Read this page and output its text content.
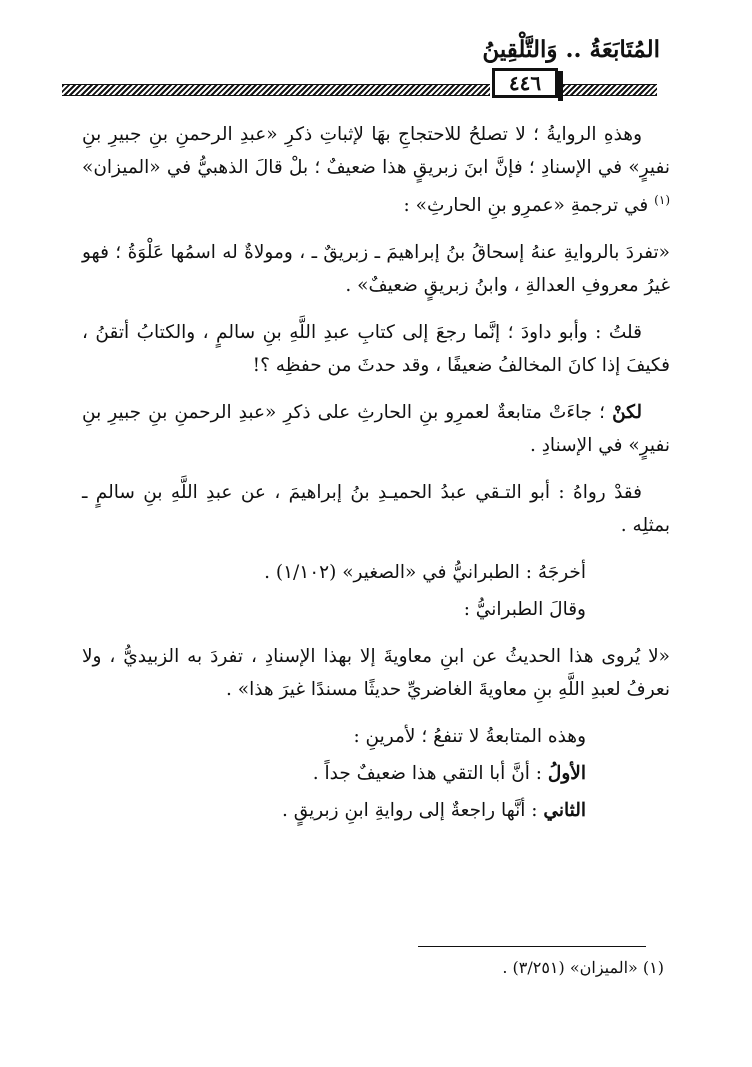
المُتَابَعَةُ .. وَالتَّلْقِينُ
٤٤٦

وهذهِ الروايةُ ؛ لا تصلحُ للاحتجاجِ بهَا لإثباتِ ذكرِ «عبدِ الرحمنِ بنِ جبيرِ بنِ نفيرٍ» في الإسنادِ ؛ فإنَّ ابنَ زبريقٍ هذا ضعيفٌ ؛ بلْ قالَ الذهبيُّ في «الميزان» $^{(١)}$ في ترجمةِ «عمرِو بنِ الحارثِ» :

«تفردَ بالروايةِ عنهُ إسحاقُ بنُ إبراهيمَ ـ زبريقٌ ـ ، ومولاةٌ له اسمُها عَلْوَةُ ؛ فهو غيرُ معروفِ العدالةِ ، وابنُ زبريقٍ ضعيفٌ» .

قلتُ : وأبو داودَ ؛ إنَّما رجعَ إلى كتابِ عبدِ اللَّهِ بنِ سالمٍ ، والكتابُ أتقنُ ، فكيفَ إذا كانَ المخالفُ ضعيفًا ، وقد حدثَ من حفظِه ؟!

لكنْ ؛ جاءَتْ متابعةٌ لعمرِو بنِ الحارثِ على ذكرِ «عبدِ الرحمنِ بنِ جبيرِ بنِ نفيرٍ» في الإسنادِ .

فقدْ رواهُ : أبو التـقي عبدُ الحميـدِ بنُ إبراهيمَ ، عن عبدِ اللَّهِ بنِ سالمٍ ـ بمثلِه .

أخرجَهُ : الطبرانيُّ في «الصغير» (١/١٠٢) .

وقالَ الطبرانيُّ :

«لا يُروى هذا الحديثُ عن ابنِ معاويةَ إلا بهذا الإسنادِ ، تفردَ به الزبيديُّ ، ولا نعرفُ لعبدِ اللَّهِ بنِ معاويةَ الغاضريِّ حديثًا مسندًا غيرَ هذا» .

وهذه المتابعةُ لا تنفعُ ؛ لأمرينِ :

الأولُ : أنَّ أبا التقي هذا ضعيفٌ جداً .

الثاني : أنَّها راجعةٌ إلى روايةِ ابنِ زبريقٍ .

(١) «الميزان» (٣/٢٥١) .
